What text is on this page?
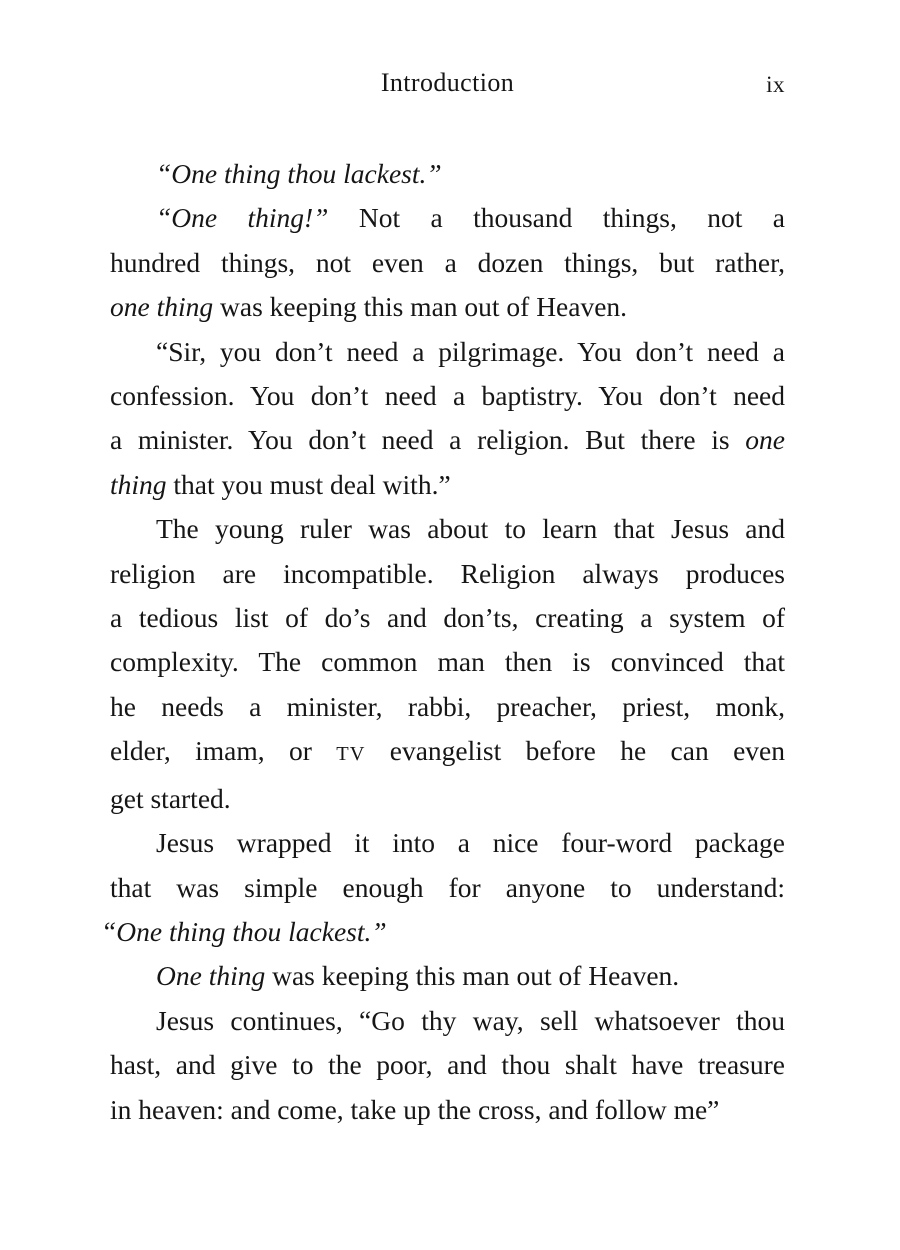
Introduction	ix
“One thing thou lackest.”
“One thing!” Not a thousand things, not a
hundred things, not even a dozen things, but rather,
one thing was keeping this man out of Heaven.
“Sir, you don’t need a pilgrimage. You don’t need a
confession. You don’t need a baptistry. You don’t need
a minister. You don’t need a religion. But there is one
thing that you must deal with.”
The young ruler was about to learn that Jesus and
religion are incompatible. Religion always produces
a tedious list of do’s and don’ts, creating a system of
complexity. The common man then is convinced that
he needs a minister, rabbi, preacher, priest, monk,
elder, imam, or TV evangelist before he can even
get started.
Jesus wrapped it into a nice four-word package
that was simple enough for anyone to understand:
“One thing thou lackest.”
One thing was keeping this man out of Heaven.
Jesus continues, “Go thy way, sell whatsoever thou
hast, and give to the poor, and thou shalt have treasure
in heaven: and come, take up the cross, and follow me”
